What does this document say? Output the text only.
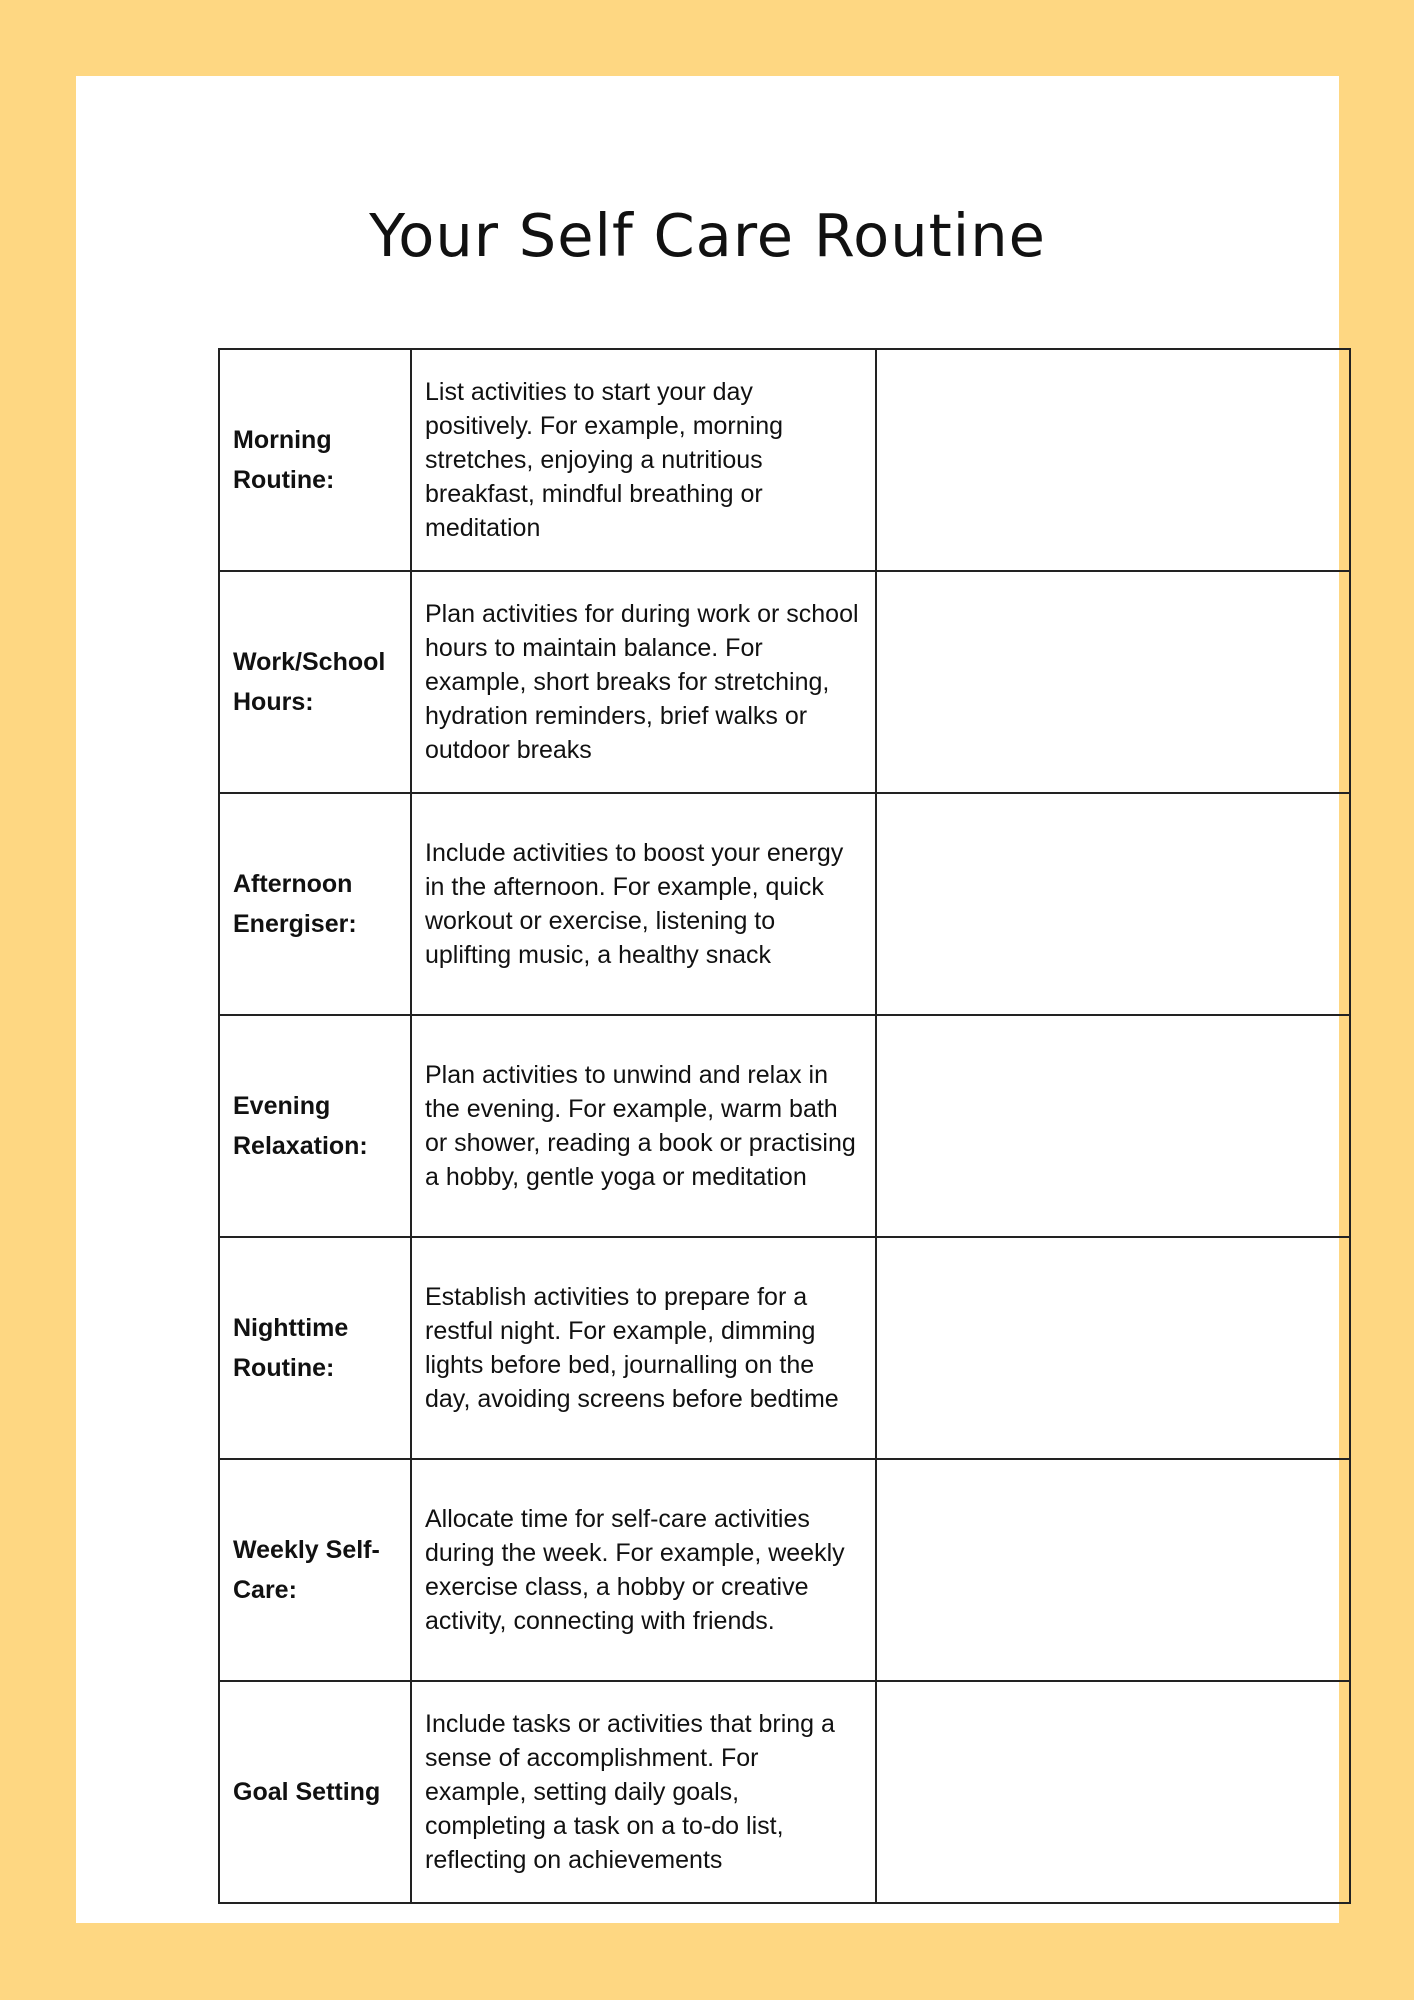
Your Self Care Routine
Morning Routine:	List activities to start your day positively. For example, morning stretches, enjoying a nutritious breakfast, mindful breathing or meditation	
Work/School Hours:	Plan activities for during work or school hours to maintain balance. For example, short breaks for stretching, hydration reminders, brief walks or outdoor breaks	
Afternoon Energiser:	Include activities to boost your energy in the afternoon. For example, quick workout or exercise, listening to uplifting music, a healthy snack	
Evening Relaxation:	Plan activities to unwind and relax in the evening. For example, warm bath or shower, reading a book or practising a hobby, gentle yoga or meditation	
Nighttime Routine:	Establish activities to prepare for a restful night. For example, dimming lights before bed, journalling on the day, avoiding screens before bedtime	
Weekly Self-Care:	Allocate time for self-care activities during the week. For example, weekly exercise class, a hobby or creative activity, connecting with friends.	
Goal Setting	Include tasks or activities that bring a sense of accomplishment. For example, setting daily goals, completing a task on a to-do list, reflecting on achievements	
